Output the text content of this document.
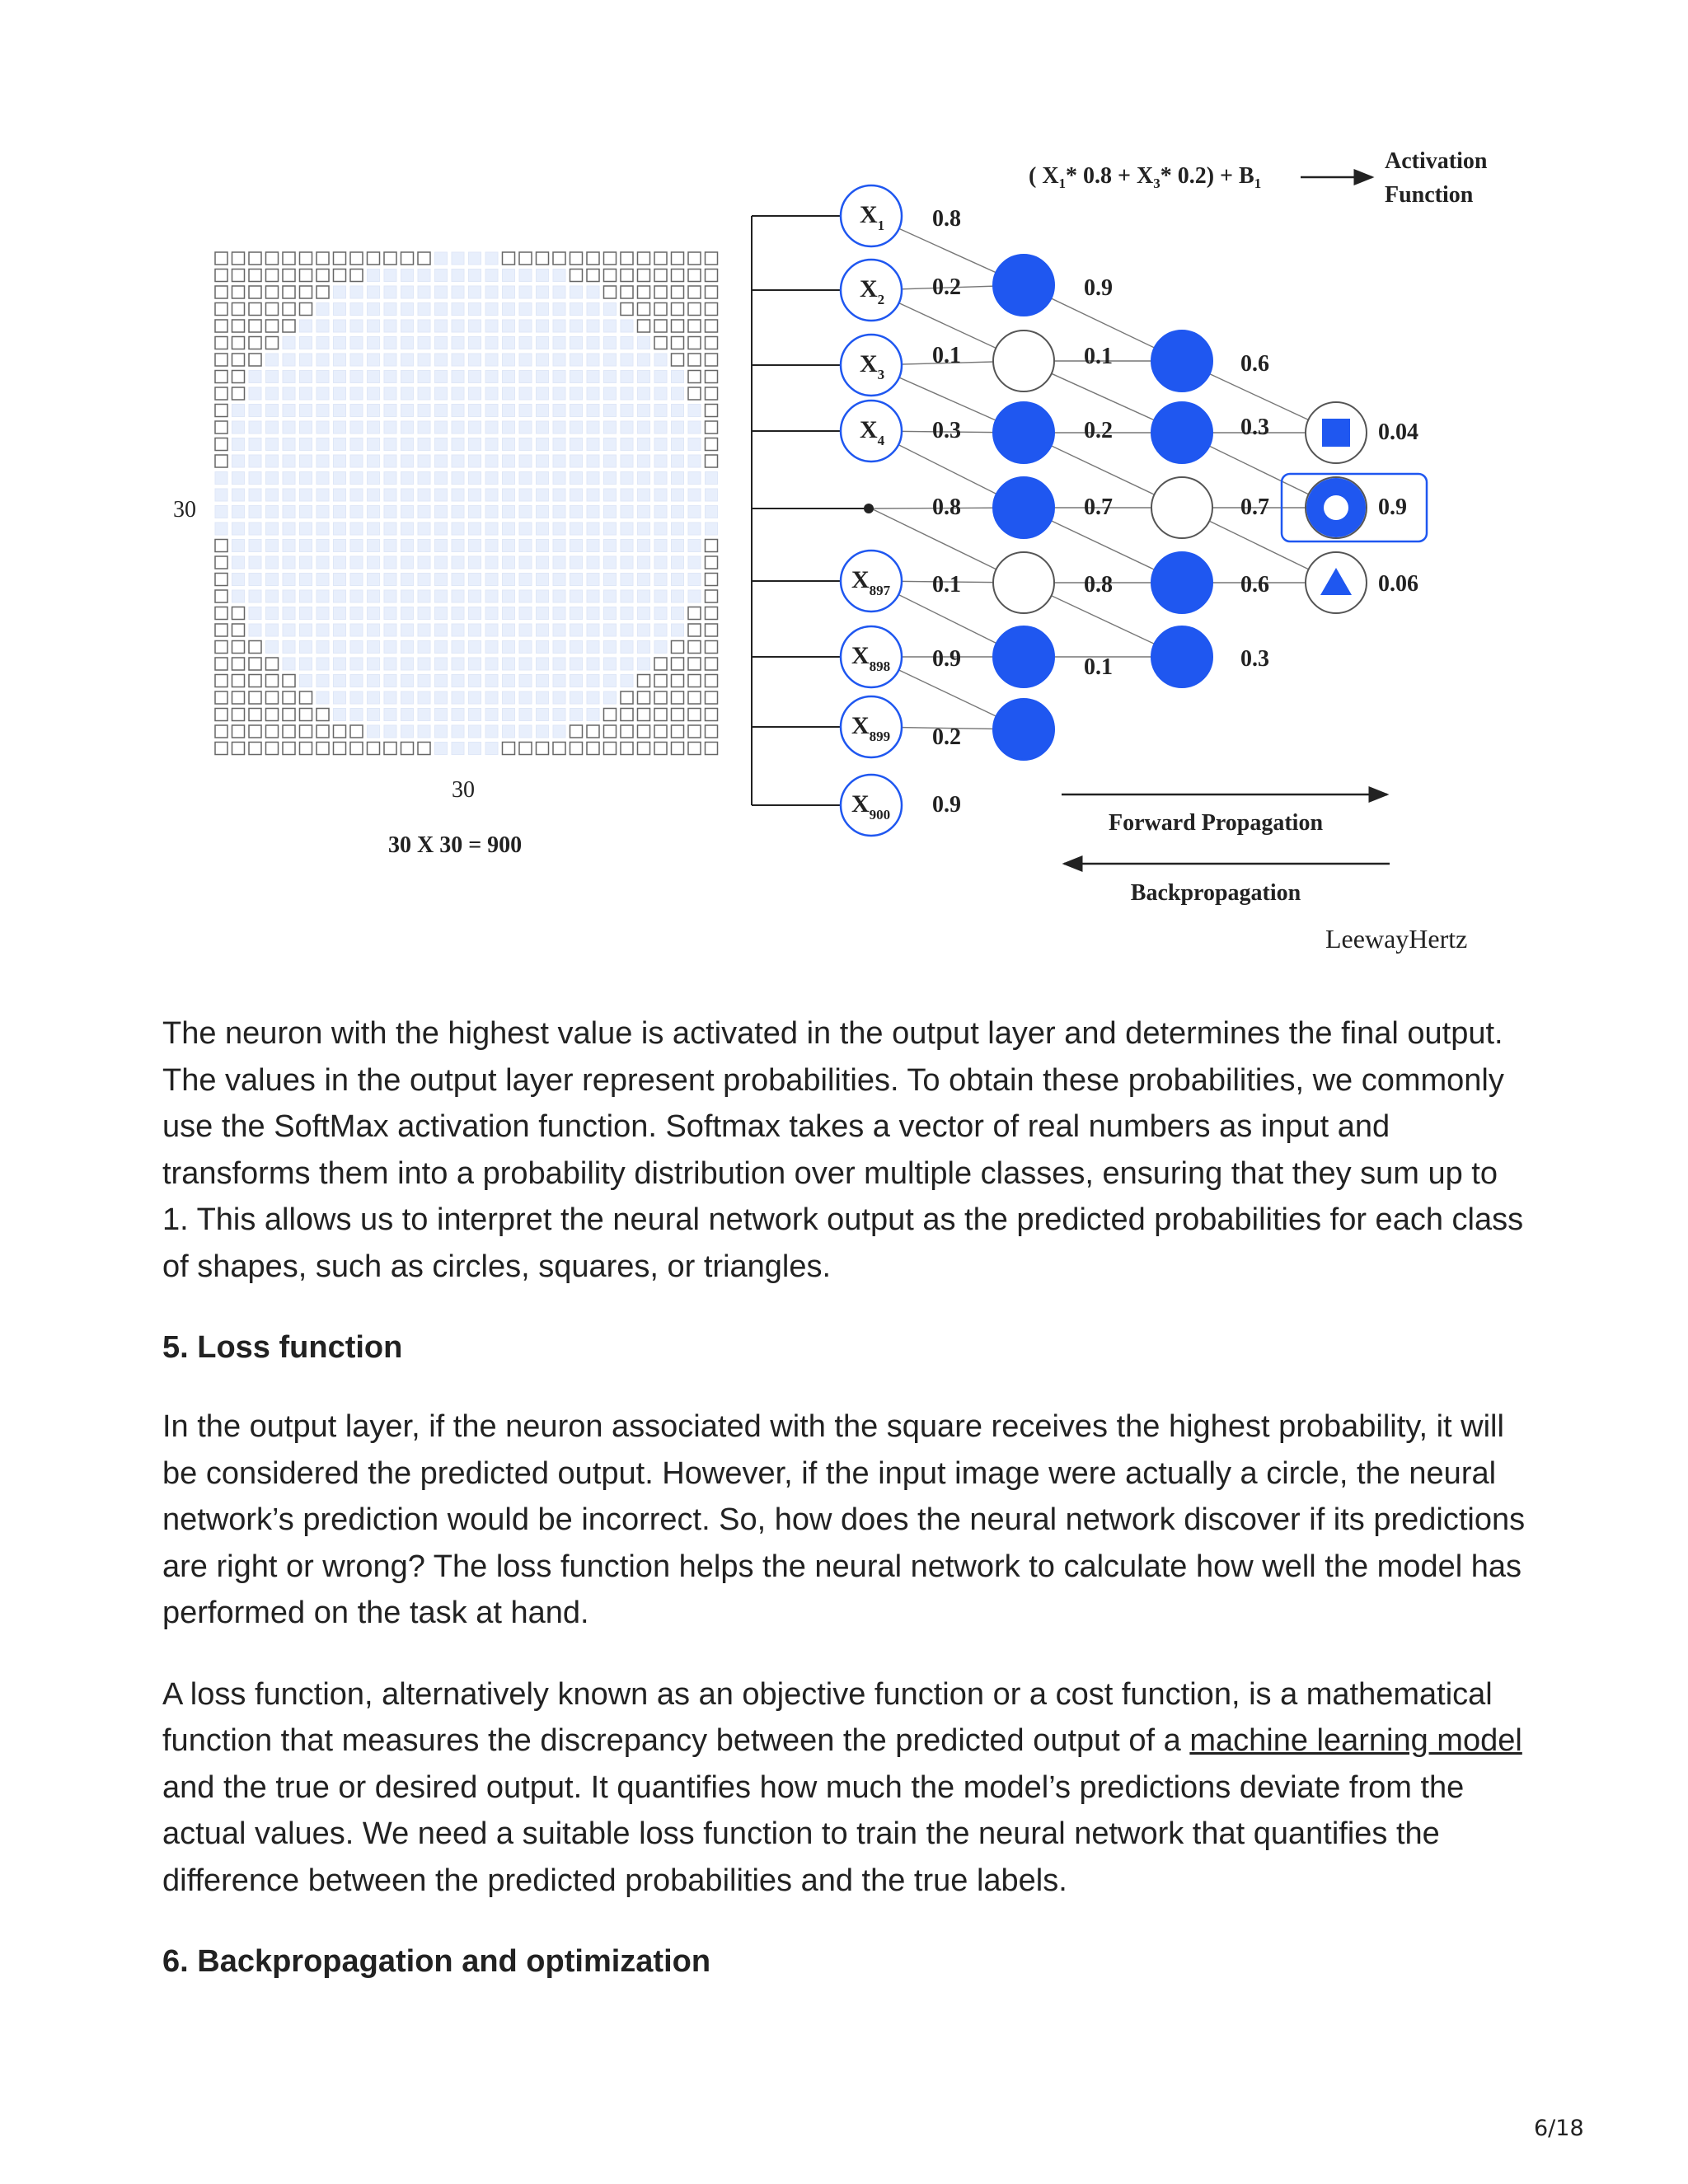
30
30
30 X 30 = 900
$X_1$
$X_2$
$X_3$
$X_4$
$X_{897}$
$X_{898}$
$X_{899}$
$X_{900}$
0.8
0.2
0.1
0.3
0.8
0.1
0.9
0.2
0.9
0.9
0.1
0.2
0.7
0.8
0.1
0.6
0.3
0.7
0.6
0.3
0.04
0.9
0.06
( $X_1*$ $0.8 + X_3*$ $0.2) + B_1$
Activation
Function
Forward Propagation
Backpropagation
LeewayHertz

The neuron with the highest value is activated in the output layer and determines the final output. The values in the output layer represent probabilities. To obtain these probabilities, we commonly use the SoftMax activation function. Softmax takes a vector of real numbers as input and transforms them into a probability distribution over multiple classes, ensuring that they sum up to 1. This allows us to interpret the neural network output as the predicted probabilities for each class of shapes, such as circles, squares, or triangles.

5. Loss function

In the output layer, if the neuron associated with the square receives the highest probability, it will be considered the predicted output. However, if the input image were actually a circle, the neural network’s prediction would be incorrect. So, how does the neural network discover if its predictions are right or wrong? The loss function helps the neural network to calculate how well the model has performed on the task at hand.

A loss function, alternatively known as an objective function or a cost function, is a mathematical function that measures the discrepancy between the predicted output of a machine learning model and the true or desired output. It quantifies how much the model’s predictions deviate from the actual values. We need a suitable loss function to train the neural network that quantifies the difference between the predicted probabilities and the true labels.

6. Backpropagation and optimization
6/18
